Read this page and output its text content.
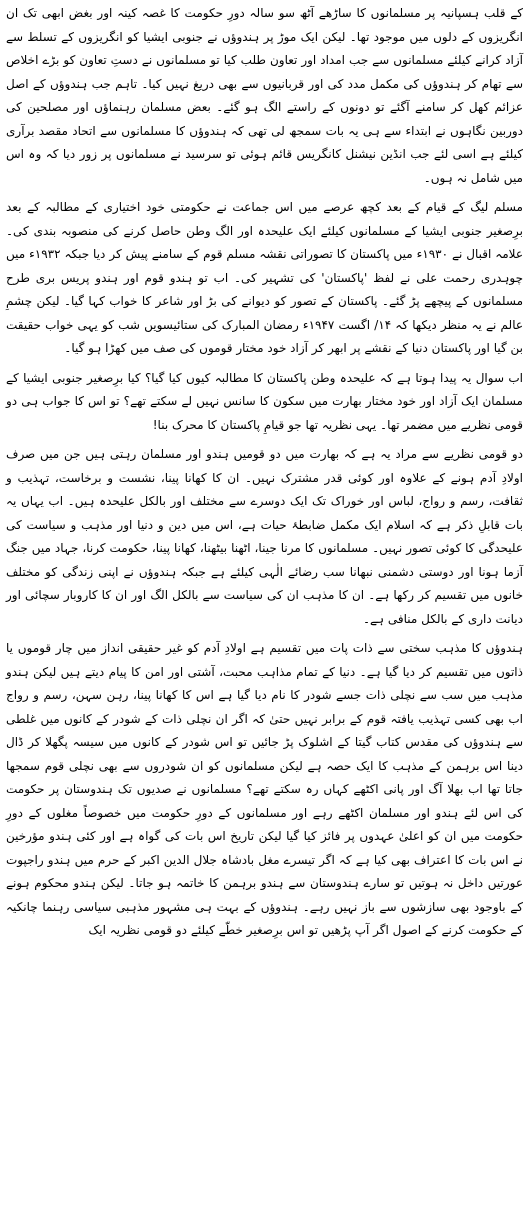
کے قلب ہسپانیہ پر مسلمانوں کا ساڑھے آٹھ سو سالہ دورِ حکومت کا غصہ کینہ اور بغض ابھی تک ان انگریزوں کے دلوں میں موجود تھا۔ لیکن ایک موڑ پر ہندوؤں نے جنوبی ایشیا کو انگریزوں کے تسلط سے آزاد کرانے کیلئے مسلمانوں سے جب امداد اور تعاون طلب کیا تو مسلمانوں نے دستِ تعاون کو بڑے اخلاص سے تھام کر ہندوؤں کی مکمل مدد کی اور قربانیوں سے بھی دریغ نہیں کیا۔ تاہم جب ہندوؤں کے اصل عزائم کھل کر سامنے آگئے تو دونوں کے راستے الگ ہو گئے۔ بعض مسلمان رہنماؤں اور مصلحین کی دوربین نگاہوں نے ابتداء سے ہی یہ بات سمجھ لی تھی کہ ہندوؤں کا مسلمانوں سے اتحاد مقصد برآری کیلئے ہے اسی لئے جب انڈین نیشنل کانگریس قائم ہوئی تو سرسید نے مسلمانوں پر زور دیا کہ وہ اس میں شامل نہ ہوں۔

مسلم لیگ کے قیام کے بعد کچھ عرصے میں اس جماعت نے حکومتی خود اختیاری کے مطالبہ کے بعد برِصغیر جنوبی ایشیا کے مسلمانوں کیلئے ایک علیحدہ اور الگ وطن حاصل کرنے کی منصوبہ بندی کی۔ علامہ اقبال نے ۱۹۳۰ء میں پاکستان کا تصوراتی نقشہ مسلم قوم کے سامنے پیش کر دیا جبکہ ۱۹۳۲ء میں چوہدری رحمت علی نے لفظ 'پاکستان' کی تشہیر کی۔ اب تو ہندو قوم اور ہندو پریس بری طرح مسلمانوں کے پیچھے پڑ گئے۔ پاکستان کے تصور کو دیوانے کی بڑ اور شاعر کا خواب کہا گیا۔ لیکن چشمِ عالم نے یہ منظر دیکھا کہ ۱۴/ اگست ۱۹۴۷ء رمضان المبارک کی ستائیسویں شب کو یہی خواب حقیقت بن گیا اور پاکستان دنیا کے نقشے پر ابھر کر آزاد خود مختار قوموں کی صف میں کھڑا ہو گیا۔

اب سوال یہ پیدا ہوتا ہے کہ علیحدہ وطن پاکستان کا مطالبہ کیوں کیا گیا؟ کیا برِصغیر جنوبی ایشیا کے مسلمان ایک آزاد اور خود مختار بھارت میں سکون کا سانس نہیں لے سکتے تھے؟ تو اس کا جواب ہی دو قومی نظریے میں مضمر تھا۔ یہی نظریہ تھا جو قیامِ پاکستان کا محرک بنا!

دو قومی نظریے سے مراد یہ ہے کہ بھارت میں دو قومیں ہندو اور مسلمان رہتی ہیں جن میں صرف اولادِ آدم ہونے کے علاوہ اور کوئی قدر مشترک نہیں۔ ان کا کھانا پینا، نشست و برخاست، تہذیب و ثقافت، رسم و رواج، لباس اور خوراک تک ایک دوسرے سے مختلف اور بالکل علیحدہ ہیں۔ اب یہاں یہ بات قابلِ ذکر ہے کہ اسلام ایک مکمل ضابطۂ حیات ہے، اس میں دین و دنیا اور مذہب و سیاست کی علیحدگی کا کوئی تصور نہیں۔ مسلمانوں کا مرنا جینا، اٹھنا بیٹھنا، کھانا پینا، حکومت کرنا، جہاد میں جنگ آزما ہونا اور دوستی دشمنی نبھانا سب رضائے الٰہی کیلئے ہے جبکہ ہندوؤں نے اپنی زندگی کو مختلف خانوں میں تقسیم کر رکھا ہے۔ ان کا مذہب ان کی سیاست سے بالکل الگ اور ان کا کاروبار سچائی اور دیانت داری کے بالکل منافی ہے۔

ہندوؤں کا مذہب سختی سے ذات پات میں تقسیم ہے اولادِ آدم کو غیر حقیقی انداز میں چار قوموں یا ذاتوں میں تقسیم کر دیا گیا ہے۔ دنیا کے تمام مذاہب محبت، آشتی اور امن کا پیام دیتے ہیں لیکن ہندو مذہب میں سب سے نچلی ذات جسے شودر کا نام دیا گیا ہے اس کا کھانا پینا، رہن سہن، رسم و رواج اب بھی کسی تہذیب یافتہ قوم کے برابر نہیں حتیٰ کہ اگر ان نچلی ذات کے شودر کے کانوں میں غلطی سے ہندوؤں کی مقدس کتاب گیتا کے اشلوک پڑ جائیں تو اس شودر کے کانوں میں سیسہ پگھلا کر ڈال دینا اس برہمن کے مذہب کا ایک حصہ ہے لیکن مسلمانوں کو ان شودروں سے بھی نچلی قوم سمجھا جاتا تھا اب بھلا آگ اور پانی اکٹھے کہاں رہ سکتے تھے؟ مسلمانوں نے صدیوں تک ہندوستان پر حکومت کی اس لئے ہندو اور مسلمان اکٹھے رہے اور مسلمانوں کے دورِ حکومت میں خصوصاً مغلوں کے دورِ حکومت میں ان کو اعلیٰ عہدوں پر فائز کیا گیا لیکن تاریخ اس بات کی گواہ ہے اور کئی ہندو مؤرخین نے اس بات کا اعتراف بھی کیا ہے کہ اگر تیسرے مغل بادشاہ جلال الدین اکبر کے حرم میں ہندو راجپوت عورتیں داخل نہ ہوتیں تو سارے ہندوستان سے ہندو برہمن کا خاتمہ ہو جاتا۔ لیکن ہندو محکوم ہونے کے باوجود بھی سازشوں سے باز نہیں رہے۔ ہندوؤں کے بہت ہی مشہور مذہبی سیاسی رہنما چانکیہ کے حکومت کرنے کے اصول اگر آپ پڑھیں تو اس برِصغیر خطّے کیلئے دو قومی نظریہ ایک
